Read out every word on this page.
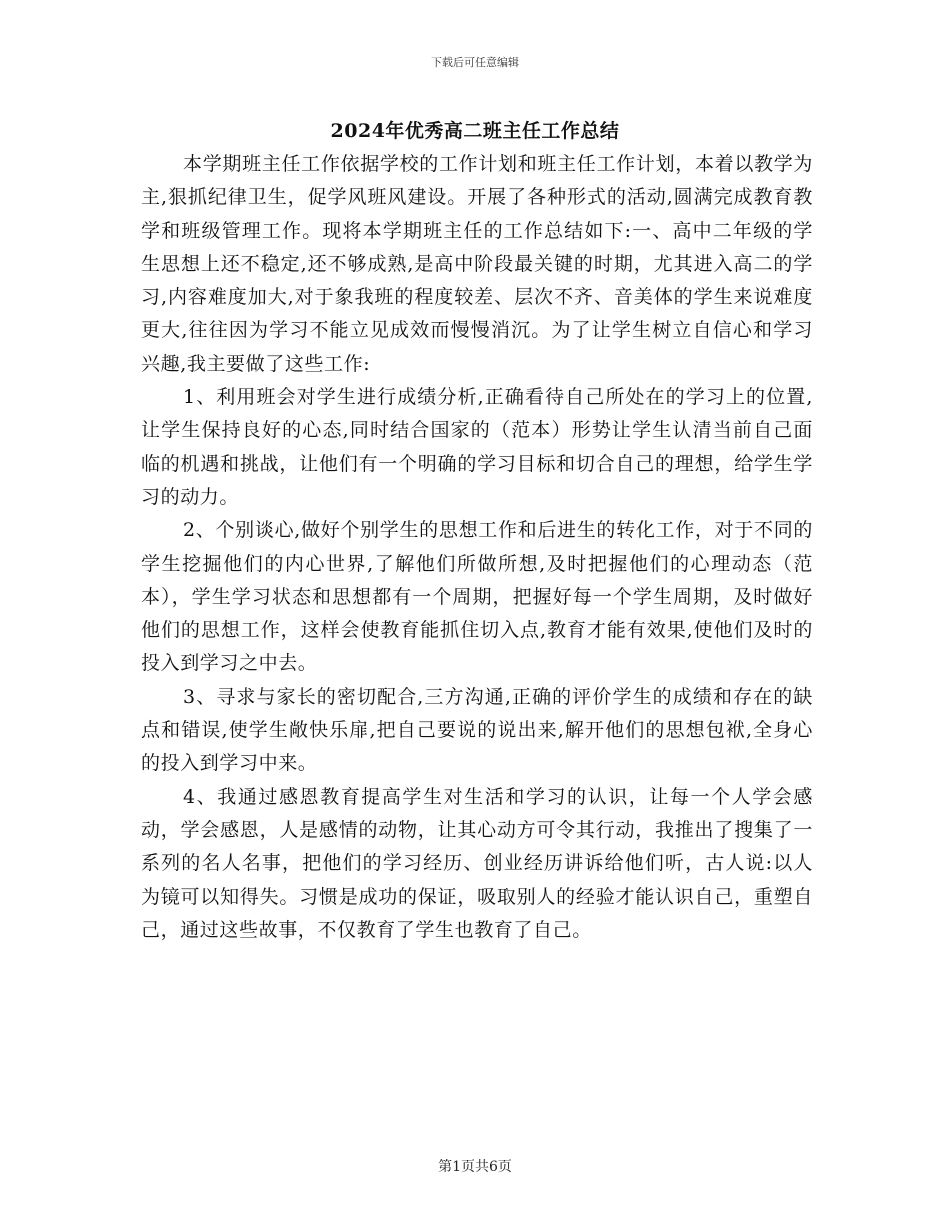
下载后可任意编辑
2024年优秀高二班主任工作总结

本学期班主任工作依据学校的工作计划和班主任工作计划，本着以教学为主,狠抓纪律卫生，促学风班风建设。开展了各种形式的活动,圆满完成教育教学和班级管理工作。现将本学期班主任的工作总结如下:一、高中二年级的学生思想上还不稳定,还不够成熟,是高中阶段最关键的时期，尤其进入高二的学习,内容难度加大,对于象我班的程度较差、层次不齐、音美体的学生来说难度更大,往往因为学习不能立见成效而慢慢消沉。为了让学生树立自信心和学习兴趣,我主要做了这些工作:

1、利用班会对学生进行成绩分析,正确看待自己所处在的学习上的位置,让学生保持良好的心态,同时结合国家的（范本）形势让学生认清当前自己面临的机遇和挑战，让他们有一个明确的学习目标和切合自己的理想，给学生学习的动力。

2、个别谈心,做好个别学生的思想工作和后进生的转化工作，对于不同的学生挖掘他们的内心世界,了解他们所做所想,及时把握他们的心理动态（范本），学生学习状态和思想都有一个周期，把握好每一个学生周期，及时做好他们的思想工作，这样会使教育能抓住切入点,教育才能有效果,使他们及时的投入到学习之中去。

3、寻求与家长的密切配合,三方沟通,正确的评价学生的成绩和存在的缺点和错误,使学生敞快乐扉,把自己要说的说出来,解开他们的思想包袱,全身心的投入到学习中来。

4、我通过感恩教育提高学生对生活和学习的认识，让每一个人学会感动，学会感恩，人是感情的动物，让其心动方可令其行动，我推出了搜集了一系列的名人名事，把他们的学习经历、创业经历讲诉给他们听，古人说:以人为镜可以知得失。习惯是成功的保证，吸取别人的经验才能认识自己，重塑自己，通过这些故事，不仅教育了学生也教育了自己。

第1页共6页
